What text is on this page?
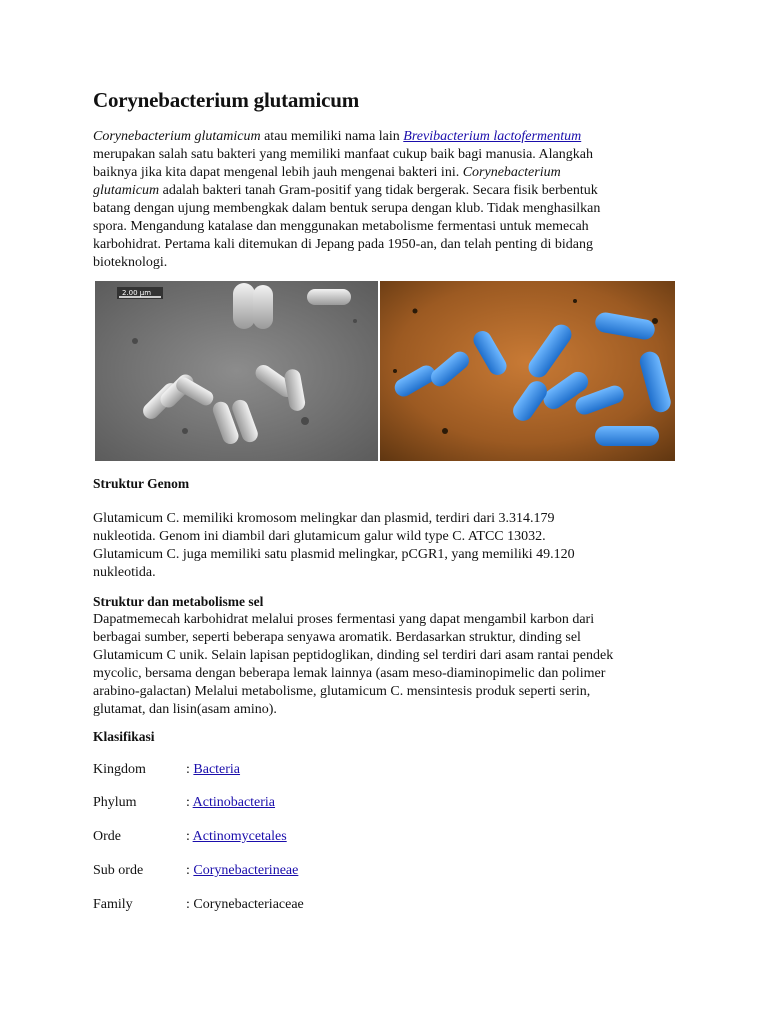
Corynebacterium glutamicum

Corynebacterium glutamicum atau memiliki nama lain Brevibacterium lactofermentum
merupakan salah satu bakteri yang memiliki manfaat cukup baik bagi manusia. Alangkah
baiknya jika kita dapat mengenal lebih jauh mengenai bakteri ini. Corynebacterium
glutamicum adalah bakteri tanah Gram-positif yang tidak bergerak. Secara fisik berbentuk
batang dengan ujung membengkak dalam bentuk serupa dengan klub. Tidak menghasilkan
spora. Mengandung katalase dan menggunakan metabolisme fermentasi untuk memecah
karbohidrat. Pertama kali ditemukan di Jepang pada 1950-an, dan telah penting di bidang
bioteknologi.

2.00 μm
Struktur Genom

Glutamicum C. memiliki kromosom melingkar dan plasmid, terdiri dari 3.314.179
nukleotida. Genom ini diambil dari glutamicum galur wild type C. ATCC 13032.
Glutamicum C. juga memiliki satu plasmid melingkar, pCGR1, yang memiliki 49.120
nukleotida.

Struktur dan metabolisme sel

Dapatmemecah karbohidrat melalui proses fermentasi yang dapat mengambil karbon dari
berbagai sumber, seperti beberapa senyawa aromatik. Berdasarkan struktur, dinding sel
Glutamicum C unik. Selain lapisan peptidoglikan, dinding sel terdiri dari asam rantai pendek
mycolic, bersama dengan beberapa lemak lainnya (asam meso-diaminopimelic dan polimer
arabino-galactan) Melalui metabolisme, glutamicum C. mensintesis produk seperti serin,
glutamat, dan lisin(asam amino).

Klasifikasi
Kingdom	: Bacteria
Phylum	: Actinobacteria
Orde	: Actinomycetales
Sub orde	: Corynebacterineae
Family	: Corynebacteriaceae
